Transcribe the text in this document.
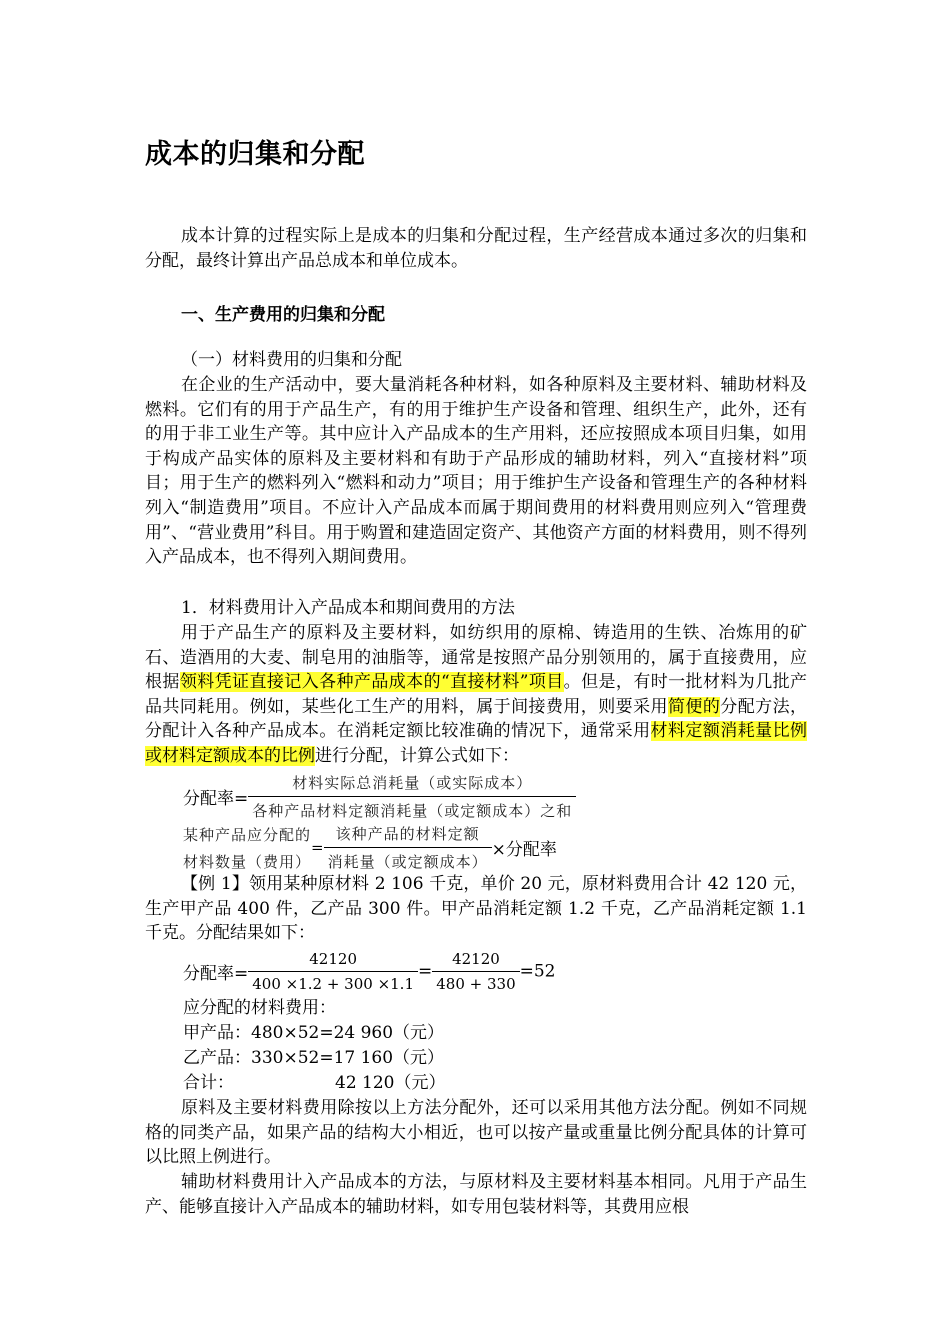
成本的归集和分配

成本计算的过程实际上是成本的归集和分配过程，生产经营成本通过多次的归集和分配，最终计算出产品总成本和单位成本。

一、生产费用的归集和分配
（一）材料费用的归集和分配

在企业的生产活动中，要大量消耗各种材料，如各种原料及主要材料、辅助材料及燃料。它们有的用于产品生产，有的用于维护生产设备和管理、组织生产，此外，还有的用于非工业生产等。其中应计入产品成本的生产用料，还应按照成本项目归集，如用于构成产品实体的原料及主要材料和有助于产品形成的辅助材料，列入“直接材料”项目；用于生产的燃料列入“燃料和动力”项目；用于维护生产设备和管理生产的各种材料列入“制造费用”项目。不应计入产品成本而属于期间费用的材料费用则应列入“管理费用”、“营业费用”科目。用于购置和建造固定资产、其他资产方面的材料费用，则不得列入产品成本，也不得列入期间费用。

1．材料费用计入产品成本和期间费用的方法

用于产品生产的原料及主要材料，如纺织用的原棉、铸造用的生铁、冶炼用的矿石、造酒用的大麦、制皂用的油脂等，通常是按照产品分别领用的，属于直接费用，应根据领料凭证直接记入各种产品成本的“直接材料”项目。但是，有时一批材料为几批产品共同耗用。例如，某些化工生产的用料，属于间接费用，则要采用简便的分配方法，分配计入各种产品成本。在消耗定额比较准确的情况下，通常采用材料定额消耗量比例或材料定额成本的比例进行分配，计算公式如下：

分配率= $\frac{\text{材料实际总消耗量（或实际成本）}}{\text{各种产品材料定额消耗量（或定额成本）之和}}$
某种产品应分配的
材料数量（费用）
= $\frac{\text{该种产品的材料定额}}{\text{消耗量（或定额成本）}}$ ×分配率

【例 1】领用某种原材料 2 106 千克，单价 20 元，原材料费用合计 42 120 元，生产甲产品 400 件，乙产品 300 件。甲产品消耗定额 1.2 千克，乙产品消耗定额 1.1 千克。分配结果如下：

分配率= $\frac{42120}{400 \times 1.2 + 300 \times 1.1} = \frac{42120}{480 + 330} =52$
应分配的材料费用：
甲产品：480×52=24 960（元）
乙产品：330×52=17 160（元）
合计：	42 120（元）

原料及主要材料费用除按以上方法分配外，还可以采用其他方法分配。例如不同规格的同类产品，如果产品的结构大小相近，也可以按产量或重量比例分配具体的计算可以比照上例进行。

辅助材料费用计入产品成本的方法，与原材料及主要材料基本相同。凡用于产品生产、能够直接计入产品成本的辅助材料，如专用包装材料等，其费用应根
